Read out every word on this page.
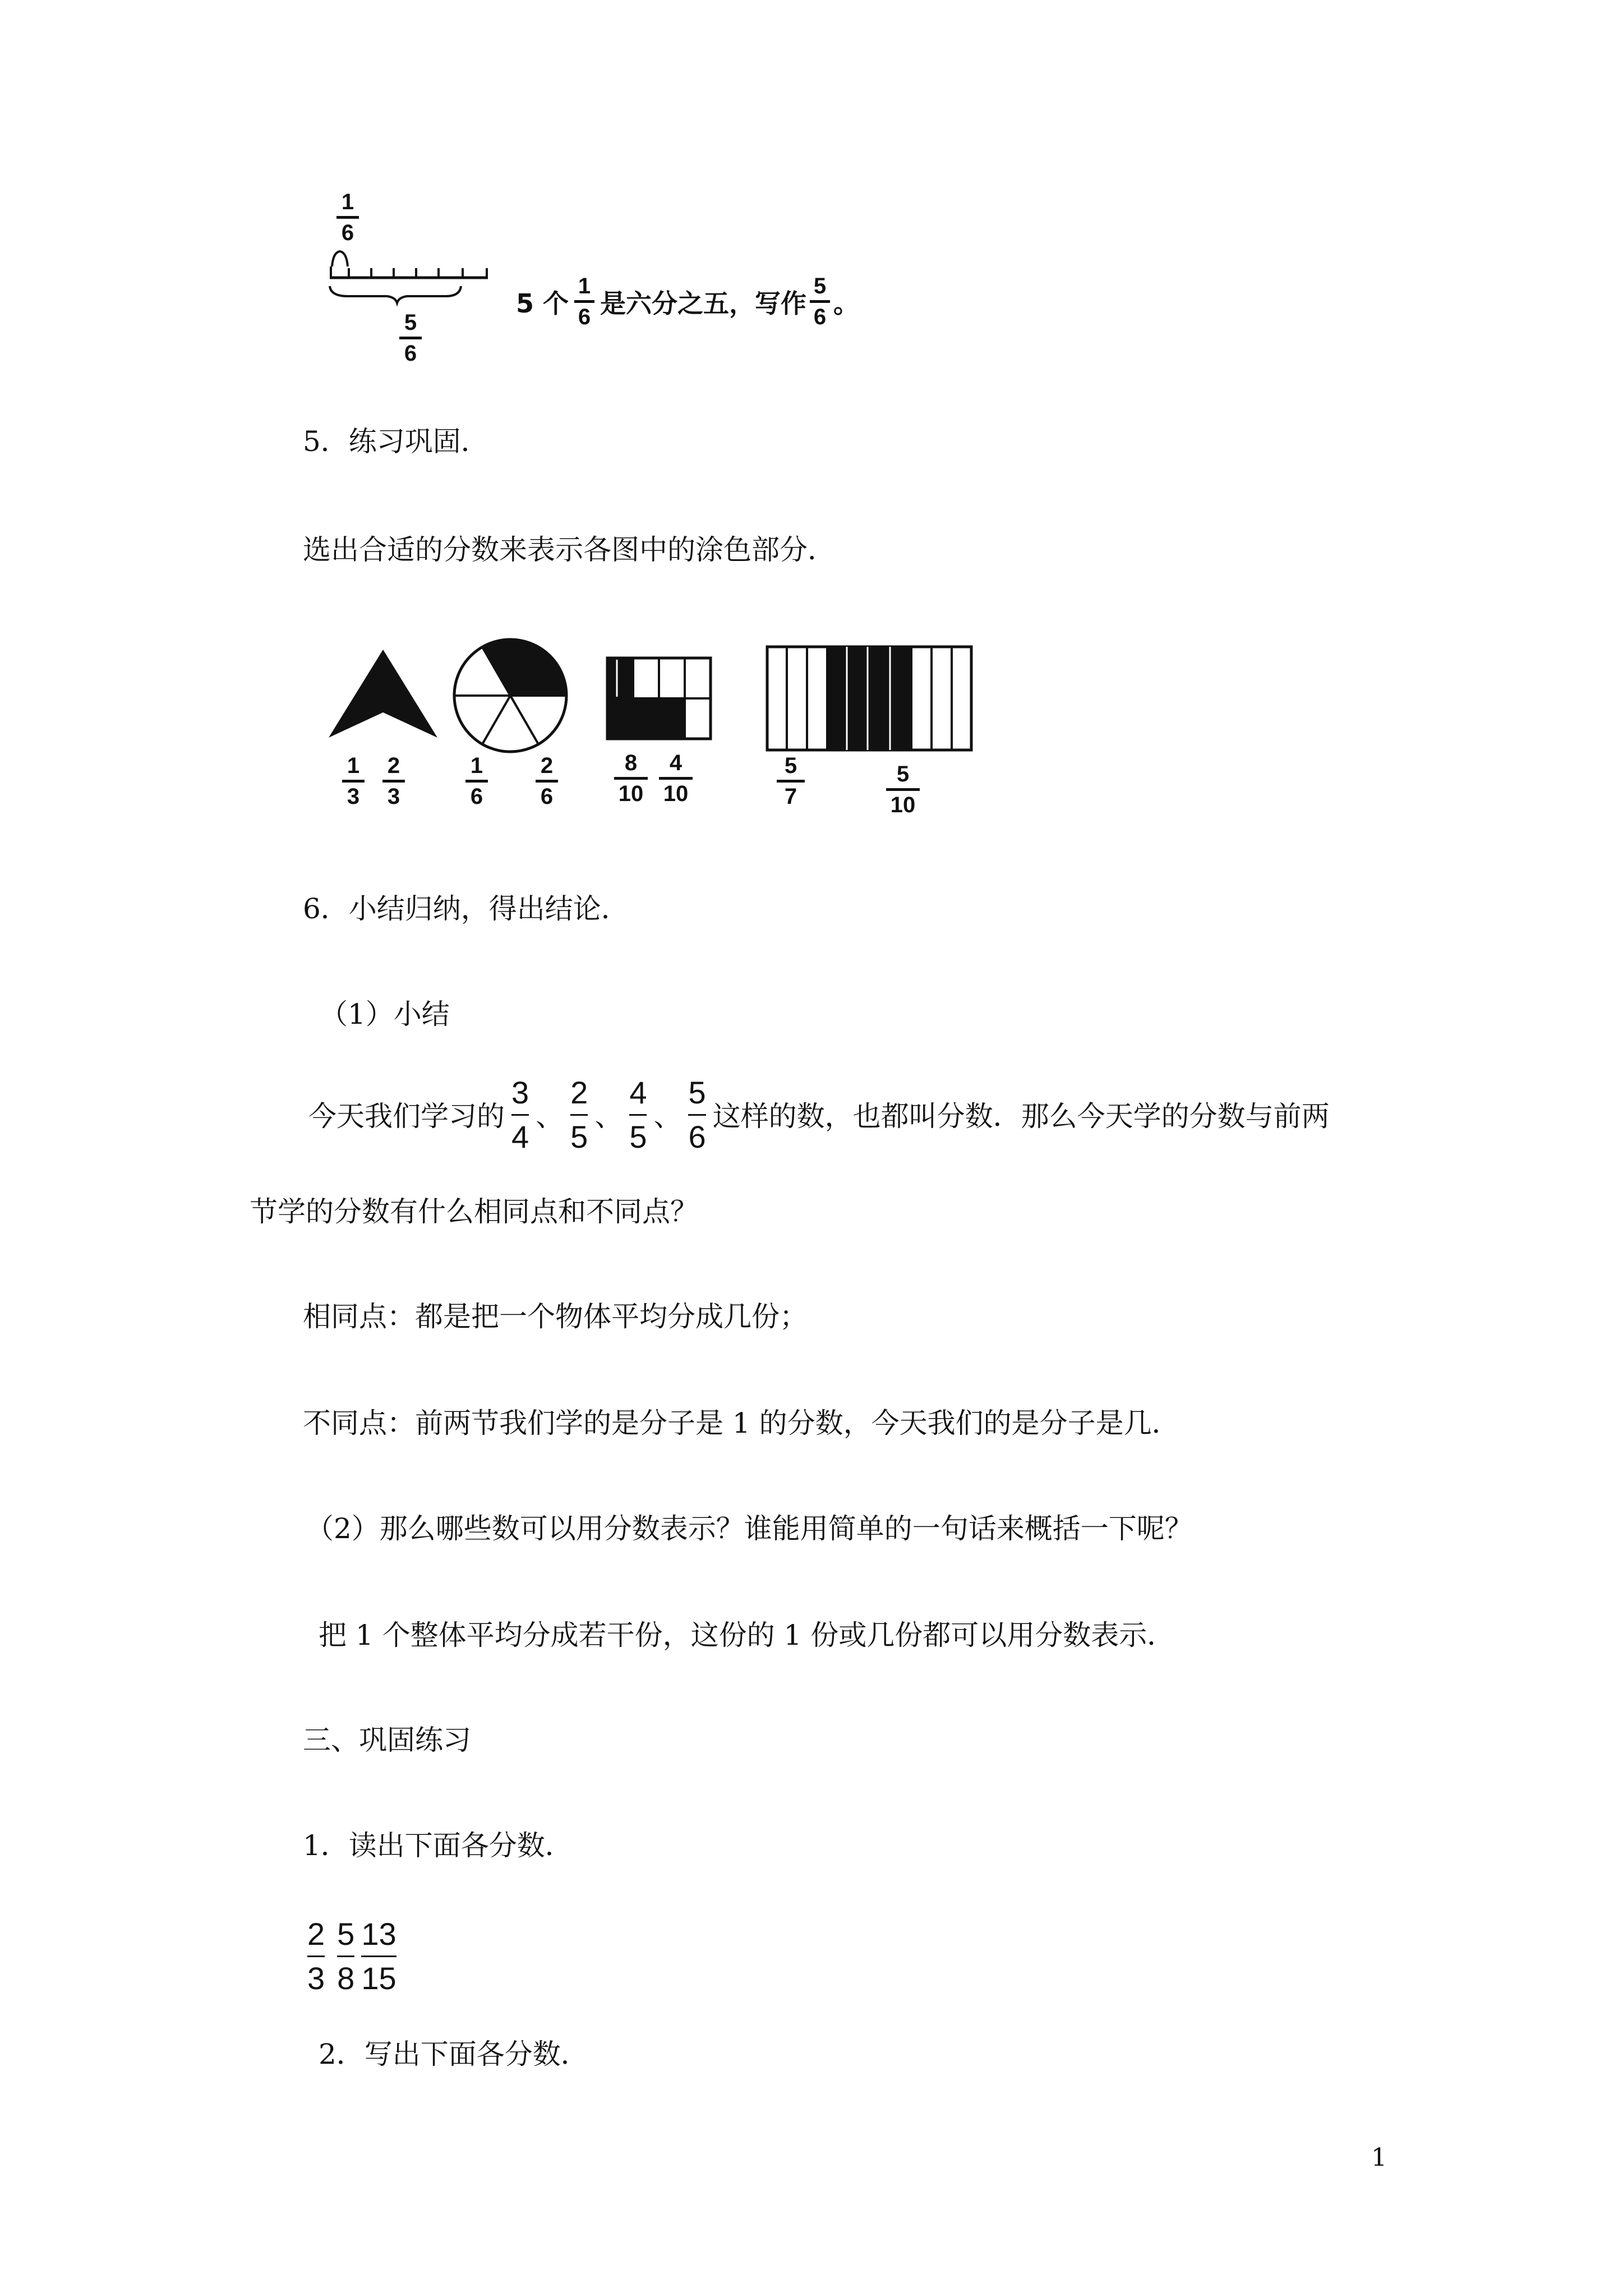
1
6
5
6
5 个
1
6 是六分之五，写作
5
6 。
5．练习巩固．
选出合适的分数来表示各图中的涂色部分．
1
3
2
3
1
6
2
6
8
10
4
10
5
7
5
10
6．小结归纳，得出结论．
（1）小结
今天我们学习的 $\frac{3}{4}$ 、 $\frac{2}{5}$ 、 $\frac{4}{5}$ 、 $\frac{5}{6}$ 这样的数，也都叫分数．那么今天学的分数与前两
节学的分数有什么相同点和不同点？
相同点：都是把一个物体平均分成几份；
不同点：前两节我们学的是分子是 1 的分数，今天我们的是分子是几．
（2）那么哪些数可以用分数表示？谁能用简单的一句话来概括一下呢？
把 1 个整体平均分成若干份，这份的 1 份或几份都可以用分数表示．
三、巩固练习
1．读出下面各分数．
$\frac{2}{3} \frac{5}{8} \frac{13}{15}$
2．写出下面各分数．
1
